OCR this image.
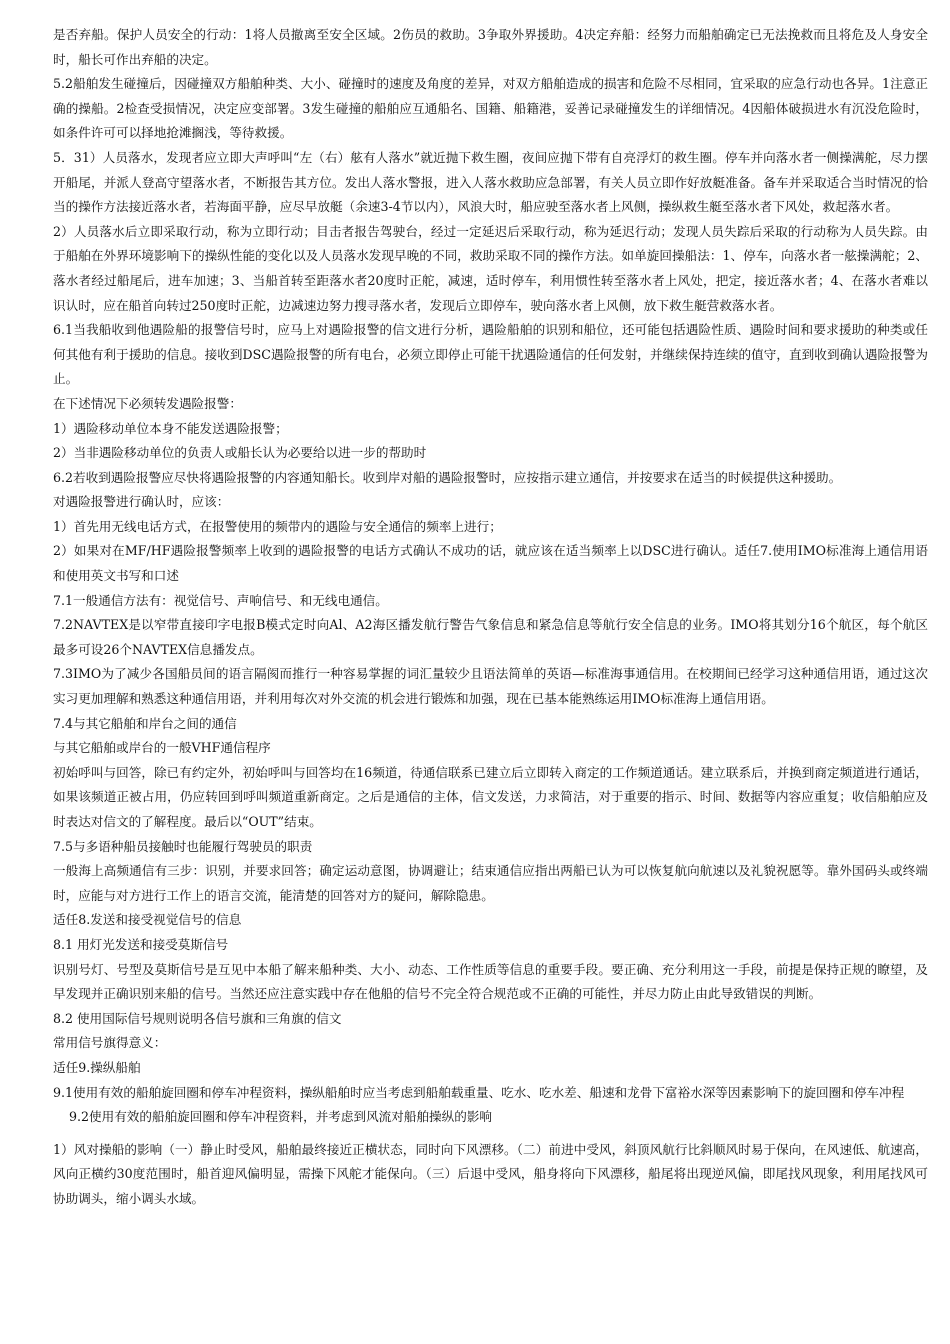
是否弃船。保护人员安全的行动：1将人员撤离至安全区域。2伤员的救助。3争取外界援助。4决定弃船：经努力而船舶确定已无法挽救而且将危及人身安全时，船长可作出弃船的决定。

5.2船舶发生碰撞后，因碰撞双方船舶种类、大小、碰撞时的速度及角度的差异，对双方船舶造成的损害和危险不尽相同，宜采取的应急行动也各异。1注意正确的操船。2检查受损情况，决定应变部署。3发生碰撞的船舶应互通船名、国籍、船籍港，妥善记录碰撞发生的详细情况。4因船体破损进水有沉没危险时，如条件许可可以择地抢滩搁浅，等待救援。

5．31）人员落水，发现者应立即大声呼叫“左（右）舷有人落水”就近抛下救生圈，夜间应抛下带有自亮浮灯的救生圈。停车并向落水者一侧操满舵，尽力摆开船尾，并派人登高守望落水者，不断报告其方位。发出人落水警报，进入人落水救助应急部署，有关人员立即作好放艇准备。备车并采取适合当时情况的恰当的操作方法接近落水者，若海面平静，应尽早放艇（余速3-4节以内），风浪大时，船应驶至落水者上风侧，操纵救生艇至落水者下风处，救起落水者。

2）人员落水后立即采取行动，称为立即行动；目击者报告驾驶台，经过一定延迟后采取行动，称为延迟行动；发现人员失踪后采取的行动称为人员失踪。由于船舶在外界环境影响下的操纵性能的变化以及人员落水发现早晚的不同，救助采取不同的操作方法。如单旋回操船法：1、停车，向落水者一舷操满舵；2、落水者经过船尾后，进车加速；3、当船首转至距落水者20度时正舵，减速，适时停车，利用惯性转至落水者上风处，把定，接近落水者；4、在落水者难以识认时，应在船首向转过250度时正舵，边减速边努力搜寻落水者，发现后立即停车，驶向落水者上风侧，放下救生艇营救落水者。

6.1当我船收到他遇险船的报警信号时，应马上对遇险报警的信文进行分析，遇险船舶的识别和船位，还可能包括遇险性质、遇险时间和要求援助的种类或任何其他有利于援助的信息。接收到DSC遇险报警的所有电台，必须立即停止可能干扰遇险通信的任何发射，并继续保持连续的值守，直到收到确认遇险报警为止。

在下述情况下必须转发遇险报警：

1）遇险移动单位本身不能发送遇险报警；

2）当非遇险移动单位的负责人或船长认为必要给以进一步的帮助时

6.2若收到遇险报警应尽快将遇险报警的内容通知船长。收到岸对船的遇险报警时，应按指示建立通信，并按要求在适当的时候提供这种援助。

对遇险报警进行确认时，应该：

1）首先用无线电话方式，在报警使用的频带内的遇险与安全通信的频率上进行；

2）如果对在MF/HF遇险报警频率上收到的遇险报警的电话方式确认不成功的话，就应该在适当频率上以DSC进行确认。适任7.使用IMO标准海上通信用语和使用英文书写和口述

7.1一般通信方法有：视觉信号、声响信号、和无线电通信。

7.2NAVTEX是以窄带直接印字电报B模式定时向Al、A2海区播发航行警告气象信息和紧急信息等航行安全信息的业务。IMO将其划分16个航区，每个航区最多可设26个NAVTEX信息播发点。

7.3IMO为了减少各国船员间的语言隔阂而推行一种容易掌握的词汇量较少且语法简单的英语—标准海事通信用。在校期间已经学习这种通信用语，通过这次实习更加理解和熟悉这种通信用语，并利用每次对外交流的机会进行锻炼和加强，现在已基本能熟练运用IMO标准海上通信用语。

7.4与其它船舶和岸台之间的通信

与其它船舶或岸台的一般VHF通信程序

初始呼叫与回答，除已有约定外，初始呼叫与回答均在16频道，待通信联系已建立后立即转入商定的工作频道通话。建立联系后，并换到商定频道进行通话，如果该频道正被占用，仍应转回到呼叫频道重新商定。之后是通信的主体，信文发送，力求简洁，对于重要的指示、时间、数据等内容应重复；收信船舶应及时表达对信文的了解程度。最后以“OUT”结束。

7.5与多语种船员接触时也能履行驾驶员的职责

一般海上高频通信有三步：识别，并要求回答；确定运动意图，协调避让；结束通信应指出两船已认为可以恢复航向航速以及礼貌祝愿等。靠外国码头或终端时，应能与对方进行工作上的语言交流，能清楚的回答对方的疑问，解除隐患。

适任8.发送和接受视觉信号的信息

8.1 用灯光发送和接受莫斯信号

识别号灯、号型及莫斯信号是互见中本船了解来船种类、大小、动态、工作性质等信息的重要手段。要正确、充分利用这一手段，前提是保持正规的瞭望，及早发现并正确识别来船的信号。当然还应注意实践中存在他船的信号不完全符合规范或不正确的可能性，并尽力防止由此导致错误的判断。

8.2 使用国际信号规则说明各信号旗和三角旗的信文

常用信号旗得意义：

适任9.操纵船舶

9.1使用有效的船舶旋回圈和停车冲程资料，操纵船舶时应当考虑到船舶载重量、吃水、吃水差、船速和龙骨下富裕水深等因素影响下的旋回圈和停车冲程

9.2使用有效的船舶旋回圈和停车冲程资料，并考虑到风流对船舶操纵的影响

1）风对操船的影响（一）静止时受风，船舶最终接近正横状态，同时向下风漂移。（二）前进中受风，斜顶风航行比斜顺风时易于保向，在风速低、航速高，风向正横约30度范围时，船首迎风偏明显，需操下风舵才能保向。（三）后退中受风，船身将向下风漂移，船尾将出现逆风偏，即尾找风现象，利用尾找风可协助调头，缩小调头水域。
